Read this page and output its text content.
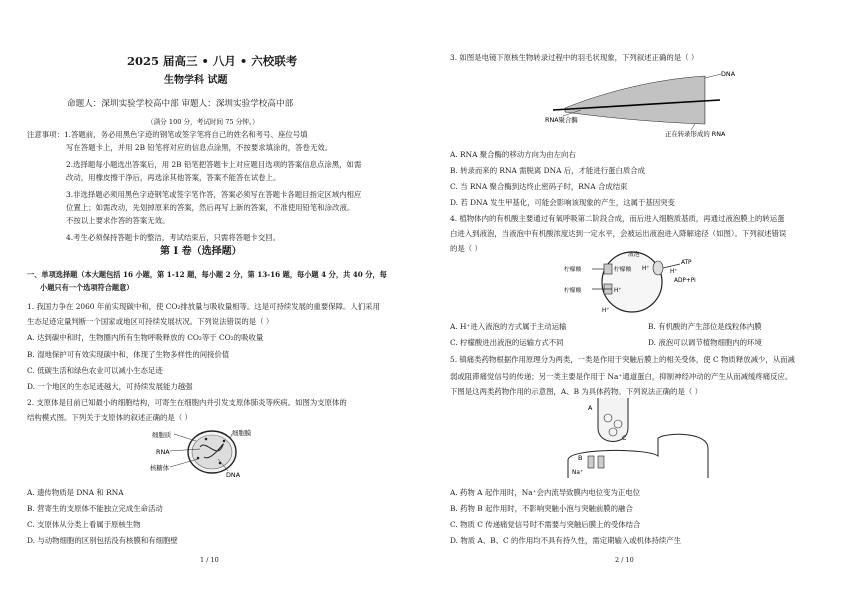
2025 届高三 • 八月 • 六校联考
生物学科 试题
命题人：深圳实验学校高中部 审题人：深圳实验学校高中部
（满分 100 分，考试时间 75 分钟。）
注意事项：1.答题前，务必用黑色字迹的钢笔或签字笔将自己的姓名和考号、座位号填
写在答题卡上，并用 2B 铅笔将对应的信息点涂黑，不按要求填涂的，答卷无效。
2.选择题每小题选出答案后，用 2B 铅笔把答题卡上对应题目选项的答案信息点涂黑，如需
改动，用橡皮擦干净后，再选涂其他答案，答案不能答在试卷上。
3.非选择题必须用黑色字迹钢笔或签字笔作答，答案必须写在答题卡各题目指定区域内相应
位置上；如需改动，先划掉原来的答案，然后再写上新的答案，不准使用铅笔和涂改液。
不按以上要求作答的答案无效。
4.考生必须保持答题卡的整洁，考试结束后，只需将答题卡交回。
第 I 卷（选择题）
一、单项选择题（本大题包括 16 小题，第 1-12 题，每小题 2 分，第 13-16 题，每小题 4 分，共 40 分，每
小题只有一个选项符合题意）
1. 我国力争在 2060 年前实现碳中和，使 CO₂排放量与吸收量相等。这是可持续发展的重要保障。人们采用
生态足迹定量判断一个国家或地区可持续发展状况。下列说法错误的是（ ）
A. 达到碳中和时，生物圈内所有生物呼吸释放的 CO₂等于 CO₂的吸收量
B. 湿地保护可有效实现碳中和，体现了生物多样性的间接价值
C. 低碳生活和绿色农业可以减小生态足迹
D. 一个地区的生态足迹越大，可持续发展能力越强
2. 支原体是目前已知最小的细胞结构，可寄生在细胞内并引发支原体肺炎等疾病。如图为支原体的
结构模式图。下列关于支原体的叙述正确的是（ ）
细胞质	细胞膜
RNA
核糖体
DNA
A. 遗传物质是 DNA 和 RNA
B. 营寄生的支原体不能独立完成生命活动
C. 支原体从分类上看属于原核生物
D. 与动物细胞的区别包括没有核膜和有细胞壁
1 / 10
3. 如图是电镜下原核生物转录过程中的羽毛状现象，下列叙述正确的是（ ）
DNA
RNA聚合酶
正在转录形成的 RNA
A. RNA 聚合酶的移动方向为由左向右
B. 转录而来的 RNA 需脱离 DNA 后，才能进行蛋白质合成
C. 当 RNA 聚合酶到达终止密码子时，RNA 合成结束
D. 若 DNA 发生甲基化，可能会影响该现象的产生，这属于基因突变
4. 植物体内的有机酸主要通过有氧呼吸第二阶段合成，而后进入细胞质基质，再通过液泡膜上的转运蛋
白进入到液泡，当液泡中有机酸浓度达到一定水平，会被运出液泡进入降解途径（如图）。下列叙述错误
的是（ ）
液泡
柠檬酸	柠檬酸
柠檬酸
H⁺
ATP
H⁺
ADP+Pi
H⁺
H⁺
A. H⁺进入液泡的方式属于主动运输	B. 有机酸的产生部位是线粒体内膜
C. 柠檬酸进出液泡的运输方式不同	D. 液泡可以调节植物细胞内的环境
5. 镇痛类药物根据作用原理分为两类，一类是作用于突触后膜上的相关受体，使 C 物质释放减少，从而减
弱或阻滞痛觉信号的传递；另一类主要是作用于 Na⁺通道蛋白，抑制神经冲动的产生从而减缓疼痛反应。
下图是这两类药物作用的示意图，A、B 为具体药物。下列说法正确的是（ ）
A
C
B
Na⁺
A. 药物 A 起作用时，Na⁺会内流导致膜内电位变为正电位
B. 药物 B 起作用时，不影响突触小泡与突触前膜的融合
C. 物质 C 传递痛觉信号时不需要与突触后膜上的受体结合
D. 物质 A、B、C 的作用均不具有持久性，需定期输入或机体持续产生
2 / 10
